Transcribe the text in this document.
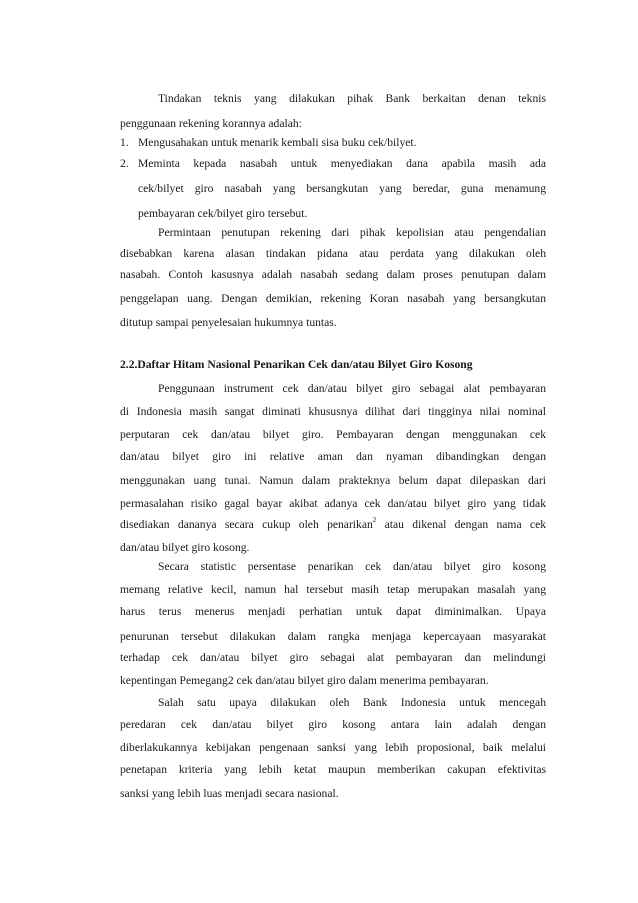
Tindakan teknis yang dilakukan pihak Bank berkaitan denan teknis
penggunaan rekening korannya adalah:
1. Mengusahakan untuk menarik kembali sisa buku cek/bilyet.
2. Meminta kepada nasabah untuk menyediakan dana apabila masih ada
cek/bilyet giro nasabah yang bersangkutan yang beredar, guna menamung
pembayaran cek/bilyet giro tersebut.
Permintaan penutupan rekening dari pihak kepolisian atau pengendalian
disebabkan karena alasan tindakan pidana atau perdata yang dilakukan oleh
nasabah. Contoh kasusnya adalah nasabah sedang dalam proses penutupan dalam
penggelapan uang. Dengan demikian, rekening Koran nasabah yang bersangkutan
ditutup sampai penyelesaian hukumnya tuntas.
2.2.Daftar Hitam Nasional Penarikan Cek dan/atau Bilyet Giro Kosong
Penggunaan instrument cek dan/atau bilyet giro sebagai alat pembayaran
di Indonesia masih sangat diminati khususnya dilihat dari tingginya nilai nominal
perputaran cek dan/atau bilyet giro. Pembayaran dengan menggunakan cek
dan/atau bilyet giro ini relative aman dan nyaman dibandingkan dengan
menggunakan uang tunai. Namun dalam prakteknya belum dapat dilepaskan dari
permasalahan risiko gagal bayar akibat adanya cek dan/atau bilyet giro yang tidak
disediakan dananya secara cukup oleh penarikan$^2$ atau dikenal dengan nama cek
dan/atau bilyet giro kosong.
Secara statistic persentase penarikan cek dan/atau bilyet giro kosong
memang relative kecil, namun hal tersebut masih tetap merupakan masalah yang
harus terus menerus menjadi perhatian untuk dapat diminimalkan. Upaya
penurunan tersebut dilakukan dalam rangka menjaga kepercayaan masyarakat
terhadap cek dan/atau bilyet giro sebagai alat pembayaran dan melindungi
kepentingan Pemegang2 cek dan/atau bilyet giro dalam menerima pembayaran.
Salah satu upaya dilakukan oleh Bank Indonesia untuk mencegah
peredaran cek dan/atau bilyet giro kosong antara lain adalah dengan
diberlakukannya kebijakan pengenaan sanksi yang lebih proposional, baik melalui
penetapan kriteria yang lebih ketat maupun memberikan cakupan efektivitas
sanksi yang lebih luas menjadi secara nasional.
